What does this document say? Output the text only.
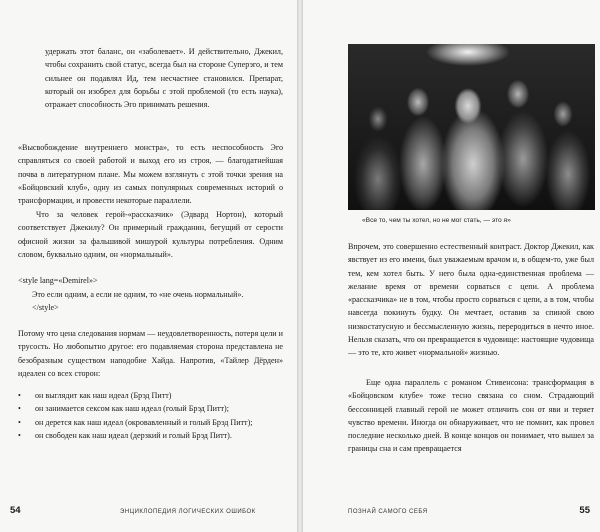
удержать этот баланс, он «заболевает». И действительно, Джекил, чтобы сохранить свой статус, всегда был на стороне Суперэго, и тем сильнее он подавлял Ид, тем несчастнее становился. Препарат, который он изобрел для борьбы с этой проблемой (то есть наука), отражает способность Эго принимать решения.

«Высвобождение внутреннего монстра», то есть неспособность Эго справляться со своей работой и выход его из строя, — благодатнейшая почва в литературном плане. Мы можем взглянуть с этой точки зрения на «Бойцовский клуб», одну из самых популярных современных историй о трансформации, и провести некоторые параллели.

Что за человек герой-«рассказчик» (Эдвард Нортон), который соответствует Джекилу? Он примерный гражданин, бегущий от серости офисной жизни за фальшивой мишурой культуры потребления. Одним словом, буквально одним, он «нормальный».

<style lang=«Demirel»>
Это если одним, а если не одним, то «не очень нормальный».
</style>

Потому что цена следования нормам — неудовлетворенность, потеря цели и трусость. Но любопытно другое: его подавляемая сторона представлена не безобразным существом наподобие Хайда. Напротив, «Тайлер Дёрден» идеален со всех сторон:

• он выглядит как наш идеал (Брэд Питт)
• он занимается сексом как наш идеал (голый Брэд Питт);
• он дерется как наш идеал (окровавленный и голый Брэд Питт);
• он свободен как наш идеал (дерзкий и голый Брэд Питт).
54	ЭНЦИКЛОПЕДИЯ ЛОГИЧЕСКИХ ОШИБОК
«Все то, чем ты хотел, но не мог стать, — это я»

Впрочем, это совершенно естественный контраст. Доктор Джекил, как явствует из его имени, был уважаемым врачом и, в общем-то, уже был тем, кем хотел быть. У него была одна-единственная проблема — желание время от времени сорваться с цепи. А проблема «рассказчика» не в том, чтобы просто сорваться с цепи, а в том, чтобы навсегда покинуть будку. Он мечтает, оставив за спиной свою низкостатусную и бессмысленную жизнь, переродиться в нечто иное. Нельзя сказать, что он превращается в чудовище: настоящие чудовища — это те, кто живет «нормальной» жизнью.

Еще одна параллель с романом Стивенсона: трансформация в «Бойцовском клубе» тоже тесно связана со сном. Страдающий бессонницей главный герой не может отличить сон от яви и теряет чувство времени. Иногда он обнаруживает, что не помнит, как провел последние несколько дней. В конце концов он понимает, что вышел за границы сна и сам превращается

ПОЗНАЙ САМОГО СЕБЯ	55
